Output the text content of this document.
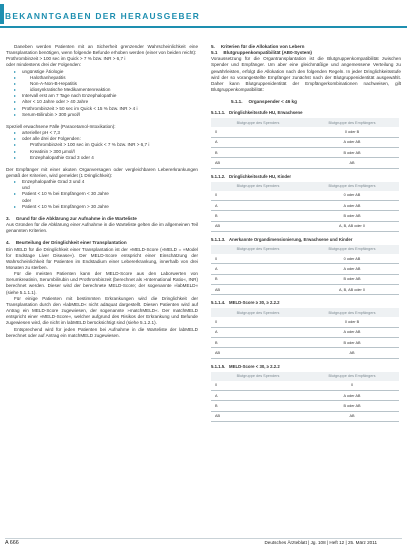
BEKANNTGABEN DER HERAUSGEBER

Daneben werden Patienten mit an Sicherheit grenzender Wahrscheinlichkeit eine Transplantation benötigen, wenn folgende Befunde erhoben werden (einer von beiden reicht):

Prothrombinzeit > 100 sec im Quick > 7 % bzw. INR > 6,7 i

oder mindestens drei der Folgenden:

▸ ungünstige Ätiologie
▸ Halothanhepatitis
▸ Non-A-Non-B-Hepatitis
▸ idiosynkratische Medikamentenreaktion
▸ Intervall erst am 7 Tage nach Enzephalopathie
▸ Alter < 10 Jahre oder > 40 Jahre
▸ Prothrombinzeit > 50 sec im Quick < 15 % bzw. INR > 4 i
▸ Serum-Bilirubin > 300 µmol/l

Speziell erwachsene Fälle (Paracetamol-Intoxikation):

▸ arterieller pH < 7,3
▸ oder alle drei der Folgenden:
▸ Prothrombinzeit > 100 sec im Quick < 7 % bzw. INR > 6,7 i
▸ Kreatinin > 300 µmol/l
▸ Enzephalopathie Grad 3 oder 4

Der Empfänger mit einer akuten Organversagen oder vergleichbaren Lebererkrankungen gemäß der Kriterien, wird gemeldet (1 Dringlichkeit):

▸ Enzephalopathie Grad 3 und 4

und

▸ Patient < 10 % bei Empfängern < 30 Jahre

oder

▸ Patient < 10 % bei Empfängern > 30 Jahre
3. Grund für die Abklärung zur Aufnahme in die Warteliste

Aus Gründen für die Abklärung einer Aufnahme in die Warteliste gelten die im allgemeinen Teil genannten Kriterien.

4. Beurteilung der Dringlichkeit einer Transplantation

Ein MELD für die Dringlichkeit einer Transplantation ist der »MELD-Score (»MELD = »Model for Endstage Liver Disease«). Der MELD-Score entspricht einer Einschätzung der Wahrscheinlichkeit für Patienten im Endstadium einer Lebererkrankung, innerhalb von drei Monaten zu sterben.

Für die meisten Patienten kann der MELD-Score aus den Laborwerten von Serumkreatinin, Serumbilirubin und Prothrombinzeit (berechnet als »International Ratio«, INR) berechnet werden. Dieser wird der berechnete MELD-Score; der sogenannte »labMELD« (siehe 5.1.1.1).

Für einige Patienten mit bestimmten Erkrankungen wird die Dringlichkeit der Transplantation durch den »labMELD« nicht adäquat dargestellt. Diesen Patienten wird auf Antrag ein MELD-Score zugewiesen, der sogenannte »matchMELD«. Der matchMELD entspricht einer »MELD-Score«, welcher aufgrund des Risikos der Erkrankung und Befunde zugewiesen wird, die nicht im labMELD berücksichtigt sind (siehe 5.1.2.1).

Entsprechend wird für jeden Patienten bei Aufnahme in die Warteliste der labMELD berechnet oder auf Antrag ein matchMELD zugewiesen.

5. Kriterien für die Allokation von Lebern
5.1 Blutgruppenkompatibilität (AB0-System)

Voraussetzung für die Organtransplantation ist die Blutgruppenkompatibilität zwischen Spender und Empfänger. Um aber eine gleichmäßige und angemessene Verteilung zu gewährleisten, erfolgt die Allokation nach den folgenden Regeln. In jeder Dringlichkeitsstufe wird der so vorangestellte Empfänger zunächst nach der Blutgruppenidentität ausgewählt. Daher kann Blutgruppenidentität der Empfängerkombinationen nachweisen, gilt Blutgruppenkompatibilität:

5.1.1. Organspender < 46 kg
5.1.1.1. Dringlichkeitsstufe HU, Erwachsene
Blutgruppe des Spenders	Blutgruppe des Empfängers
0	0 oder B
A	A oder AB
B	B oder AB
AB	AB
5.1.1.2. Dringlichkeitsstufe HU, Kinder
Blutgruppe des Spenders	Blutgruppe des Empfängers
0	0 oder AB
A	A oder AB
B	B oder AB
AB	A, B, AB oder 0
5.1.1.3. Anerkannte Organdimensionierung, Erwachsene und Kinder
Blutgruppe des Spenders	Blutgruppe des Empfängers
0	0 oder AB
A	A oder AB
B	B oder AB
AB	A, B, AB oder 0
5.1.1.4. MELD-Score ≥ 30, ≥ 2.2.2
Blutgruppe des Spenders	Blutgruppe des Empfängers
0	0 oder B
A	A oder AB
B	B oder AB
AB	AB
5.1.1.5. MELD-Score < 30, ≥ 2.2.2
Blutgruppe des Spenders	Blutgruppe des Empfängers
0	0
A	A oder AB
B	B oder AB
AB	AB
A 666	Deutsches Ärzteblatt | Jg. 108 | Heft 12 | 25. März 2011
